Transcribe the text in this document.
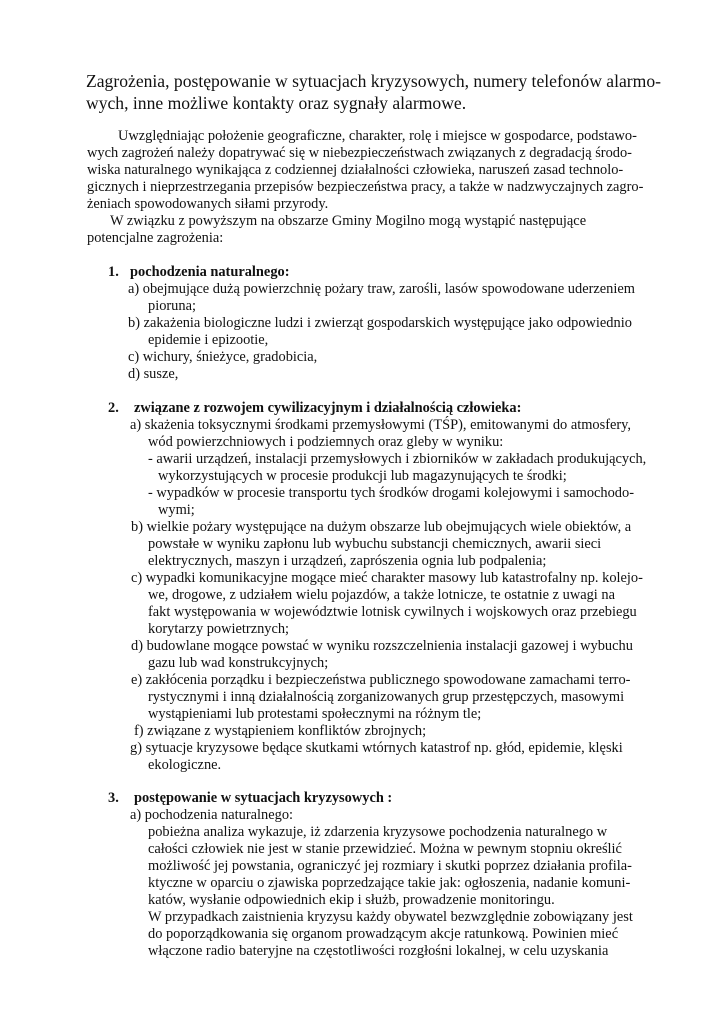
Zagrożenia, postępowanie w sytuacjach kryzysowych, numery telefonów alarmo-
wych, inne możliwe kontakty oraz sygnały alarmowe.
Uwzględniając położenie geograficzne, charakter, rolę i miejsce w gospodarce, podstawo-
wych zagrożeń należy dopatrywać się w niebezpieczeństwach związanych z degradacją środo-
wiska naturalnego wynikająca z codziennej działalności człowieka, naruszeń zasad technolo-
gicznych i nieprzestrzegania przepisów bezpieczeństwa pracy, a także w nadzwyczajnych zagro-
żeniach spowodowanych siłami przyrody.
W związku z powyższym na obszarze Gminy Mogilno mogą wystąpić następujące
potencjalne zagrożenia:
1. pochodzenia naturalnego:
a) obejmujące dużą powierzchnię pożary traw, zarośli, lasów spowodowane uderzeniem
pioruna;
b) zakażenia biologiczne ludzi i zwierząt gospodarskich występujące jako odpowiednio
epidemie i epizootie,
c) wichury, śnieżyce, gradobicia,
d) susze,
2. związane z rozwojem cywilizacyjnym i działalnością człowieka:
a) skażenia toksycznymi środkami przemysłowymi (TŚP), emitowanymi do atmosfery,
wód powierzchniowych i podziemnych oraz gleby w wyniku:
- awarii urządzeń, instalacji przemysłowych i zbiorników w zakładach produkujących,
wykorzystujących w procesie produkcji lub magazynujących te środki;
- wypadków w procesie transportu tych środków drogami kolejowymi i samochodo-
wymi;
b) wielkie pożary występujące na dużym obszarze lub obejmujących wiele obiektów, a
powstałe w wyniku zapłonu lub wybuchu substancji chemicznych, awarii sieci
elektrycznych, maszyn i urządzeń, zaprószenia ognia lub podpalenia;
c) wypadki komunikacyjne mogące mieć charakter masowy lub katastrofalny np. kolejo-
we, drogowe, z udziałem wielu pojazdów, a także lotnicze, te ostatnie z uwagi na
fakt występowania w województwie lotnisk cywilnych i wojskowych oraz przebiegu
korytarzy powietrznych;
d) budowlane mogące powstać w wyniku rozszczelnienia instalacji gazowej i wybuchu
gazu lub wad konstrukcyjnych;
e) zakłócenia porządku i bezpieczeństwa publicznego spowodowane zamachami terro-
rystycznymi i inną działalnością zorganizowanych grup przestępczych, masowymi
wystąpieniami lub protestami społecznymi na różnym tle;
f) związane z wystąpieniem konfliktów zbrojnych;
g) sytuacje kryzysowe będące skutkami wtórnych katastrof np. głód, epidemie, klęski
ekologiczne.
3. postępowanie w sytuacjach kryzysowych :
a) pochodzenia naturalnego:
pobieżna analiza wykazuje, iż zdarzenia kryzysowe pochodzenia naturalnego w
całości człowiek nie jest w stanie przewidzieć. Można w pewnym stopniu określić
możliwość jej powstania, ograniczyć jej rozmiary i skutki poprzez działania profila-
ktyczne w oparciu o zjawiska poprzedzające takie jak: ogłoszenia, nadanie komuni-
katów, wysłanie odpowiednich ekip i służb, prowadzenie monitoringu.
W przypadkach zaistnienia kryzysu każdy obywatel bezwzględnie zobowiązany jest
do poporządkowania się organom prowadzącym akcje ratunkową. Powinien mieć
włączone radio bateryjne na częstotliwości rozgłośni lokalnej, w celu uzyskania
